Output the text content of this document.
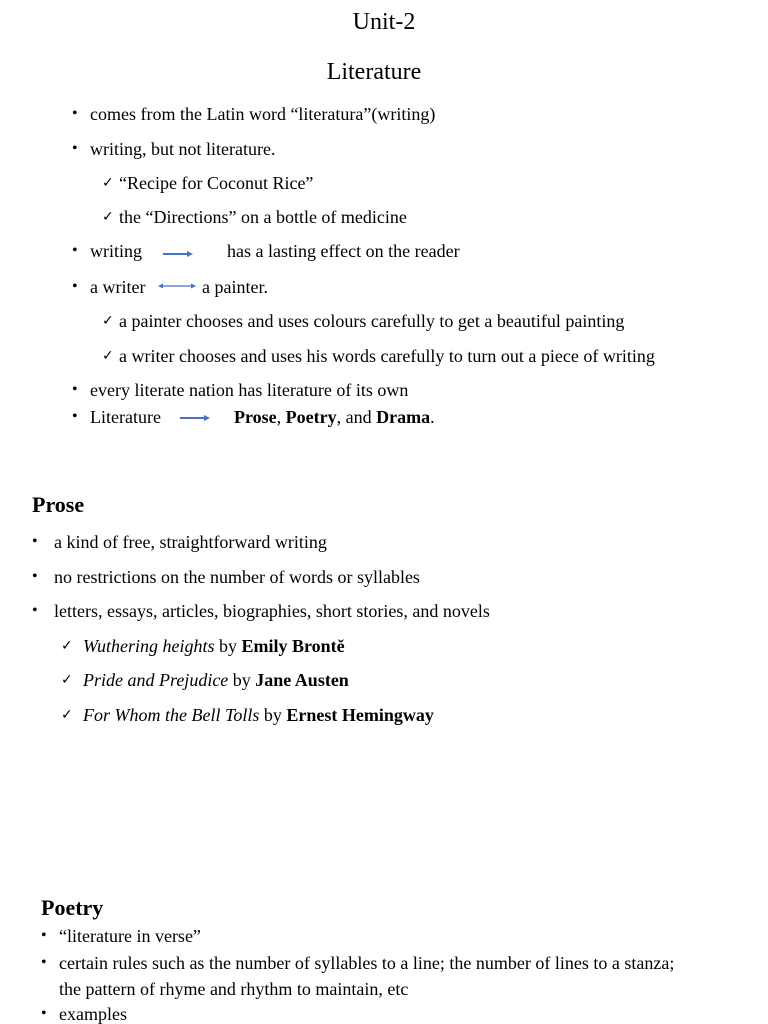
Unit-2
Literature
• comes from the Latin word “literatura”(writing)
• writing, but not literature.
✓ “Recipe for Coconut Rice”
✓ the “Directions” on a bottle of medicine
• writing	has a lasting effect on the reader
• a writer	a painter.
✓ a painter chooses and uses colours carefully to get a beautiful painting
✓ a writer chooses and uses his words carefully to turn out a piece of writing
• every literate nation has literature of its own
• Literature	Prose, Poetry, and Drama.
Prose
• a kind of free, straightforward writing
• no restrictions on the number of words or syllables
• letters, essays, articles, biographies, short stories, and novels
✓ Wuthering heights by Emily Brontě
✓ Pride and Prejudice by Jane Austen
✓ For Whom the Bell Tolls by Ernest Hemingway
Poetry
• “literature in verse”
• certain rules such as the number of syllables to a line; the number of lines to a stanza;
the pattern of rhyme and rhythm to maintain, etc
• examples
